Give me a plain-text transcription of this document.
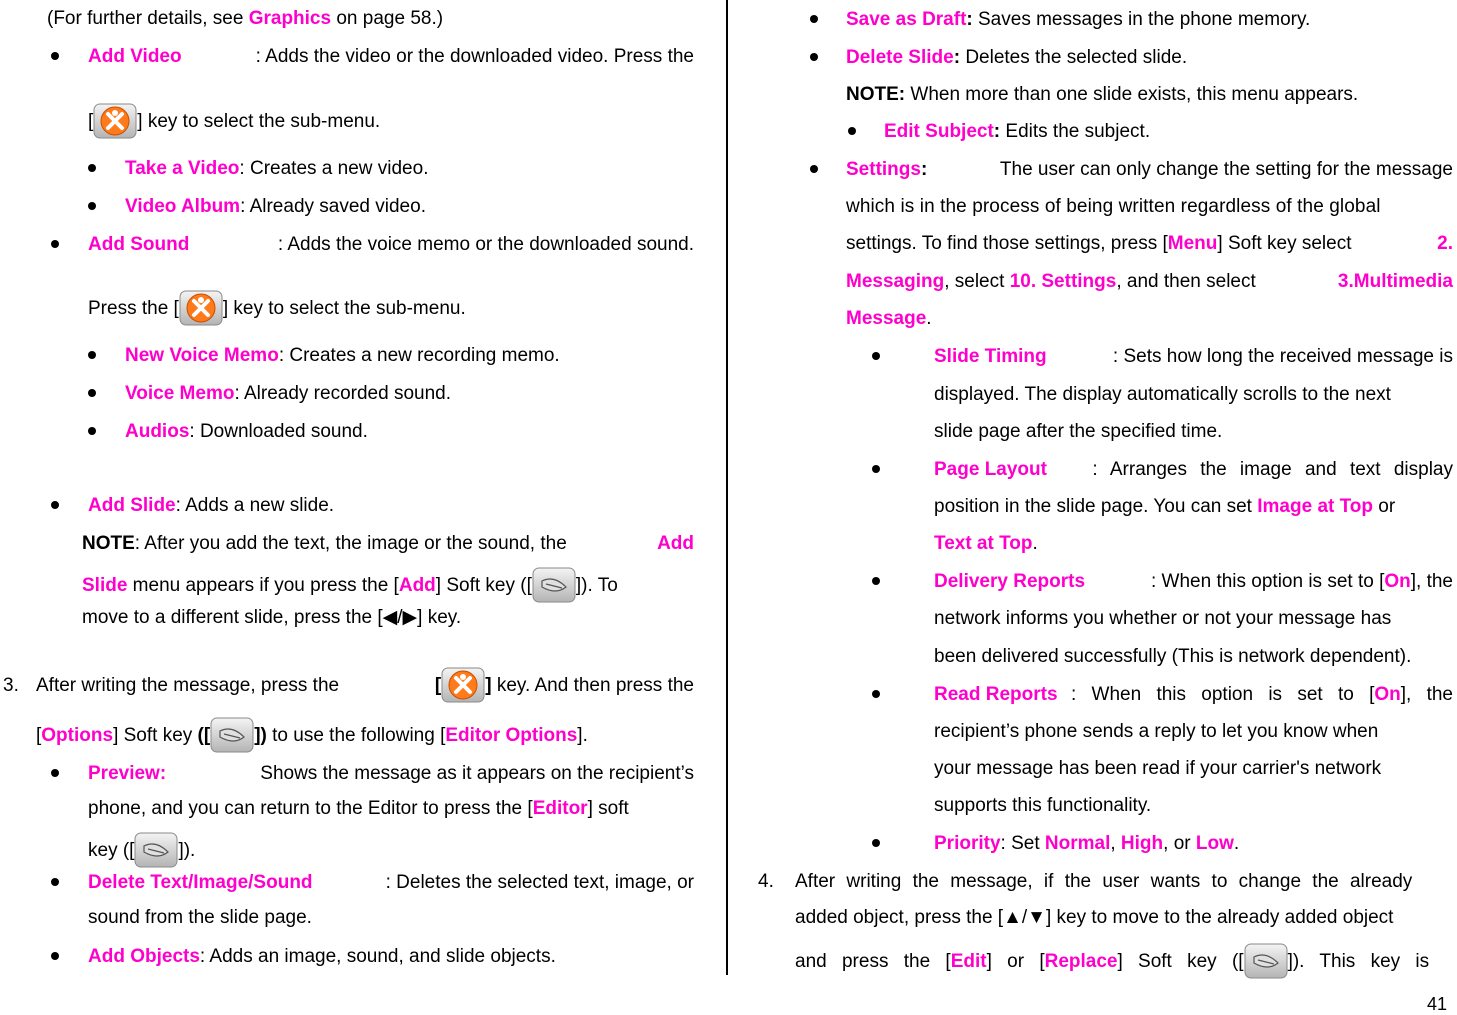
(For further details, see Graphics on page 58.)
Add Video	: Adds the video or the downloaded video. Press the
[ ] key to select the sub-menu.
Take a Video: Creates a new video.
Video Album: Already saved video.
Add Sound	: Adds the voice memo or the downloaded sound.
Press the [ ] key to select the sub-menu.
New Voice Memo: Creates a new recording memo.
Voice Memo: Already recorded sound.
Audios: Downloaded sound.
Add Slide: Adds a new slide.
NOTE: After you add the text, the image or the sound, the	Add
Slide menu appears if you press the [Add] Soft key ([ ]). To
move to a different slide, press the [◀/▶] key.
3. After writing the message, press the	[ ] key. And then press the
[Options] Soft key ([ ]) to use the following [Editor Options].
Preview:	Shows the message as it appears on the recipient’s
phone, and you can return to the Editor to press the [Editor] soft
key ([ ]).
Delete Text/Image/Sound	: Deletes the selected text, image, or
sound from the slide page.
Add Objects: Adds an image, sound, and slide objects.
Save as Draft: Saves messages in the phone memory.
Delete Slide: Deletes the selected slide.
NOTE: When more than one slide exists, this menu appears.
Edit Subject: Edits the subject.
Settings:	The user can only change the setting for the message
which is in the process of being written regardless of the global
settings. To find those settings, press [Menu] Soft key select	2.
Messaging, select 10. Settings, and then select	3.Multimedia
Message.
Slide Timing	: Sets how long the received message is
displayed. The display automatically scrolls to the next
slide page after the specified time.
Page Layout	: Arranges the image and text display
position in the slide page. You can set Image at Top or
Text at Top.
Delivery Reports	: When this option is set to [On], the
network informs you whether or not your message has
been delivered successfully (This is network dependent).
Read Reports : When this option is set to [On], the
recipient’s phone sends a reply to let you know when
your message has been read if your carrier's network
supports this functionality.
Priority: Set Normal, High, or Low.
4. After writing the message, if the user wants to change the already
added object, press the [▲/▼] key to move to the already added object
and press the [Edit] or [Replace] Soft key ([ ]). This key is
41
